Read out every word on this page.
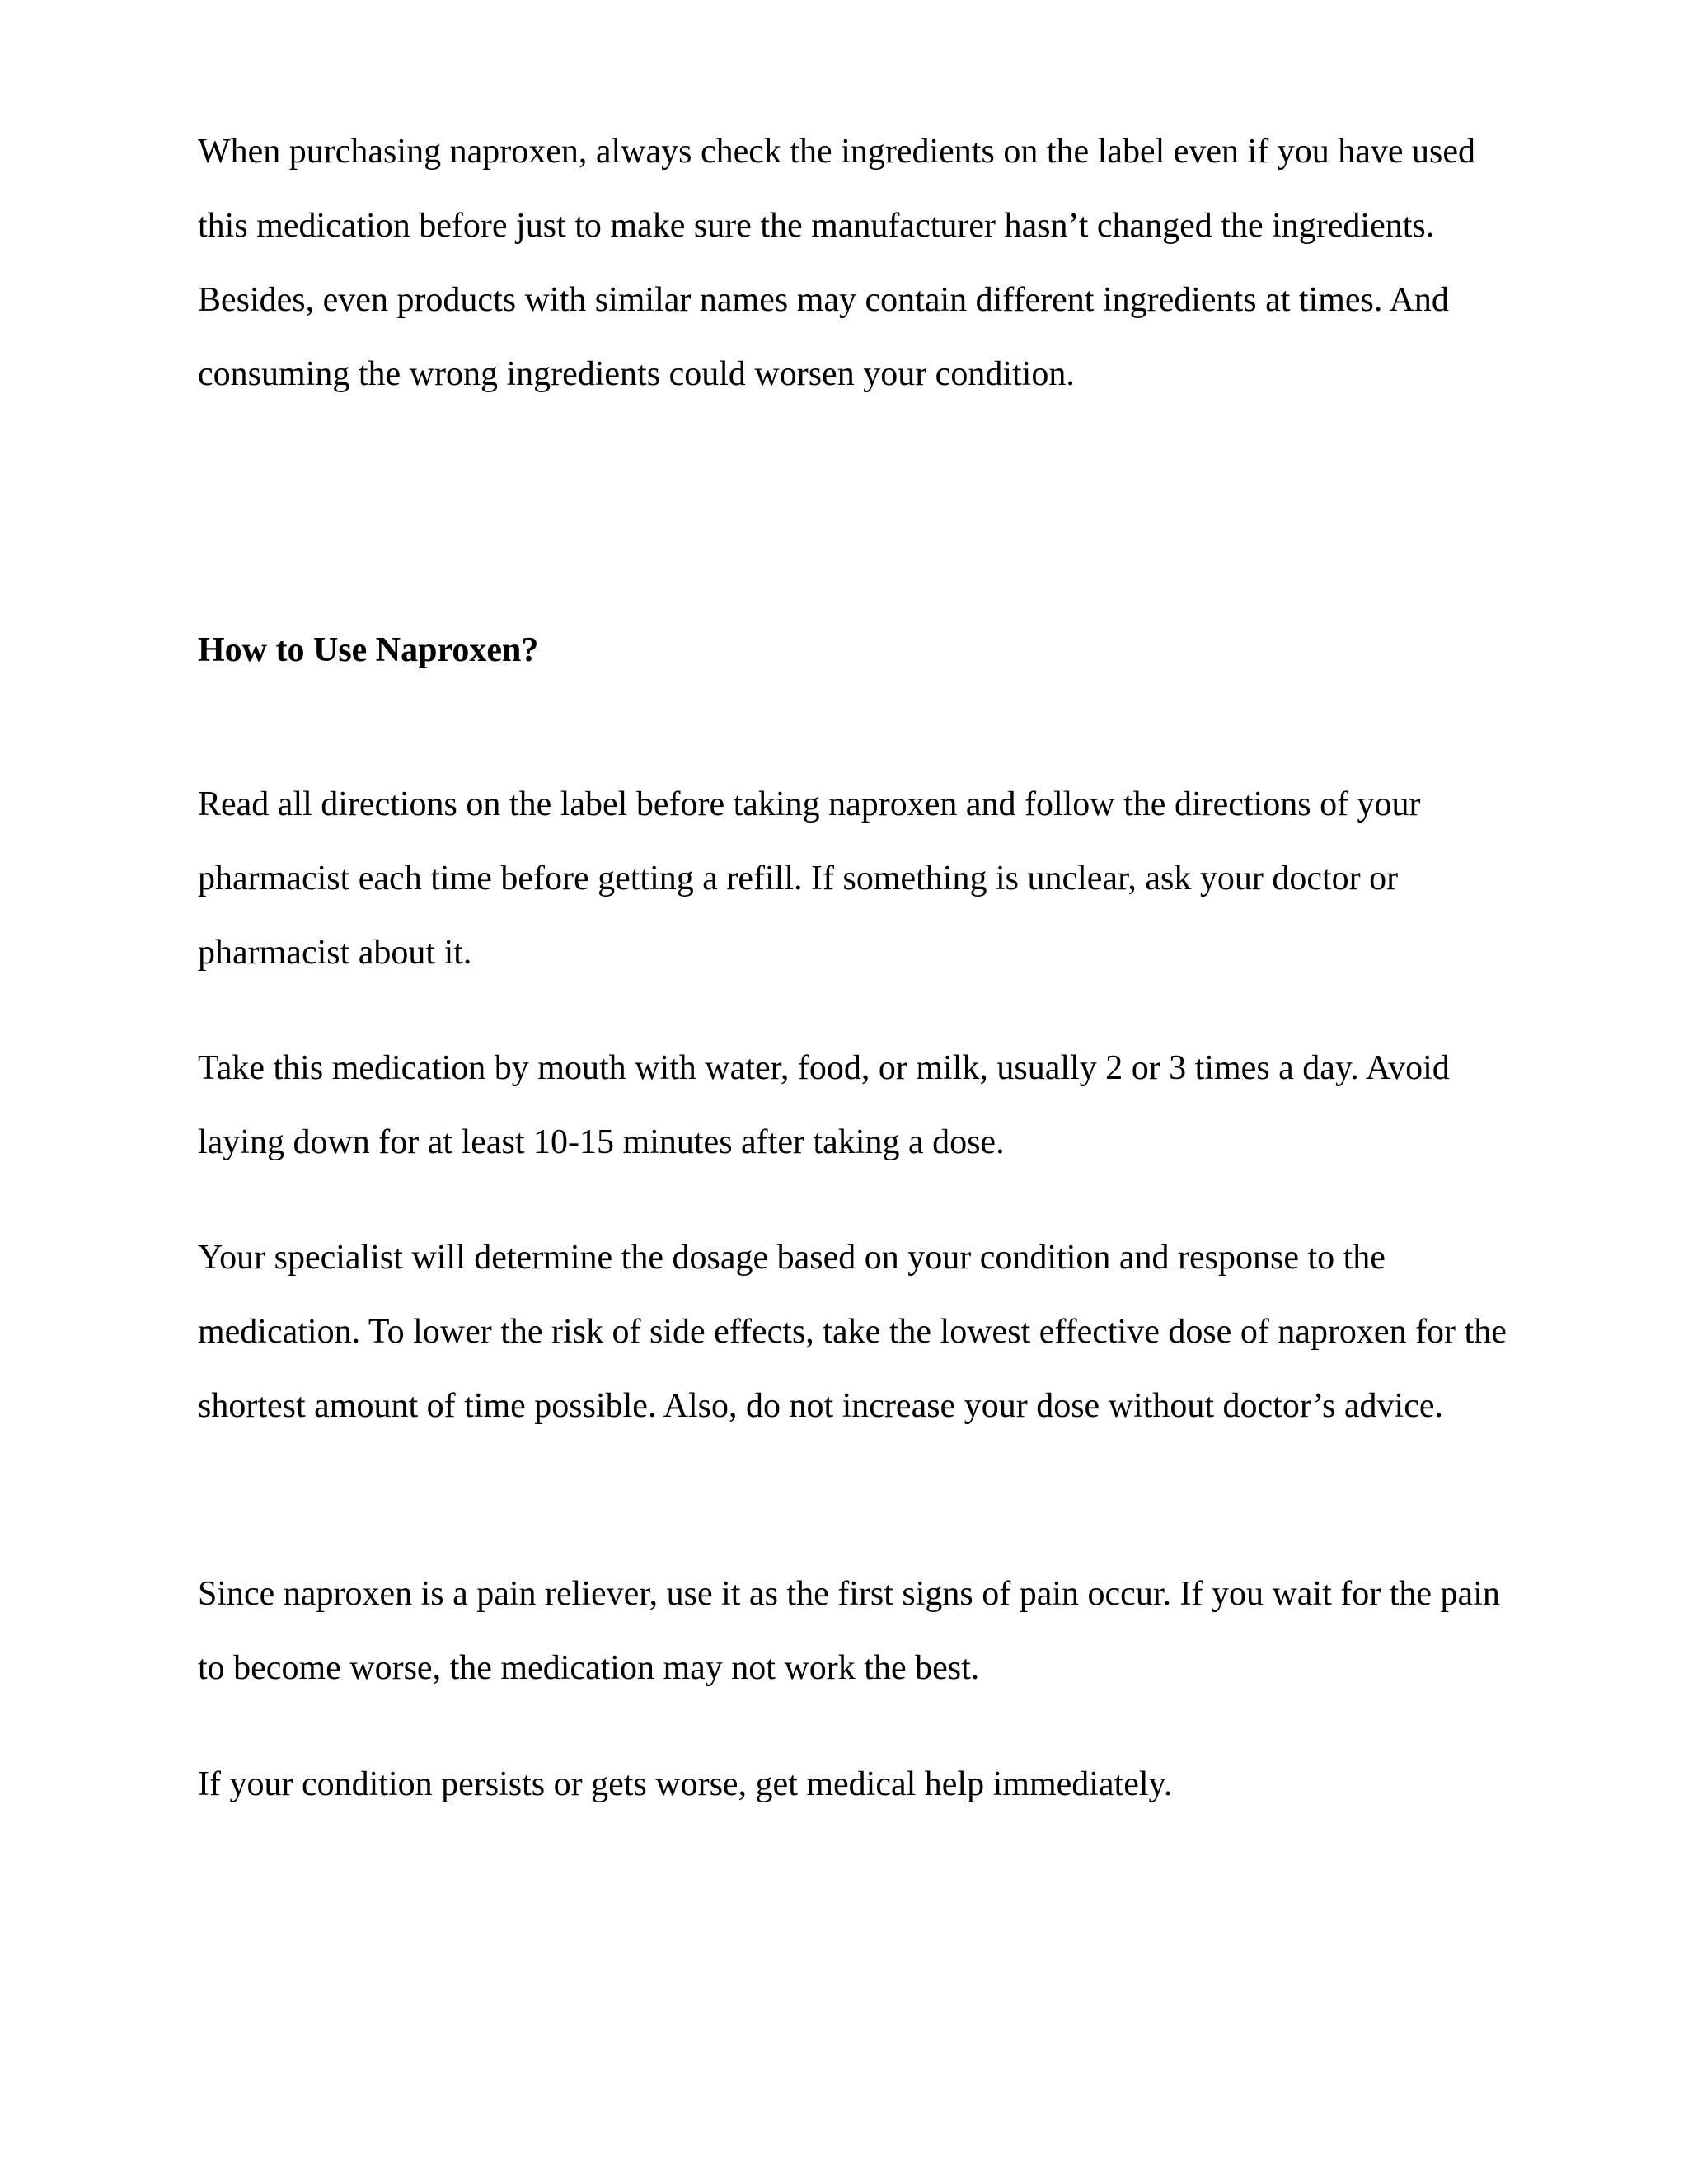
When purchasing naproxen, always check the ingredients on the label even if you have used this medication before just to make sure the manufacturer hasn’t changed the ingredients. Besides, even products with similar names may contain different ingredients at times. And consuming the wrong ingredients could worsen your condition.

How to Use Naproxen?

Read all directions on the label before taking naproxen and follow the directions of your pharmacist each time before getting a refill. If something is unclear, ask your doctor or pharmacist about it.

Take this medication by mouth with water, food, or milk, usually 2 or 3 times a day. Avoid laying down for at least 10-15 minutes after taking a dose.

Your specialist will determine the dosage based on your condition and response to the medication. To lower the risk of side effects, take the lowest effective dose of naproxen for the shortest amount of time possible. Also, do not increase your dose without doctor’s advice.

Since naproxen is a pain reliever, use it as the first signs of pain occur. If you wait for the pain to become worse, the medication may not work the best.

If your condition persists or gets worse, get medical help immediately.
